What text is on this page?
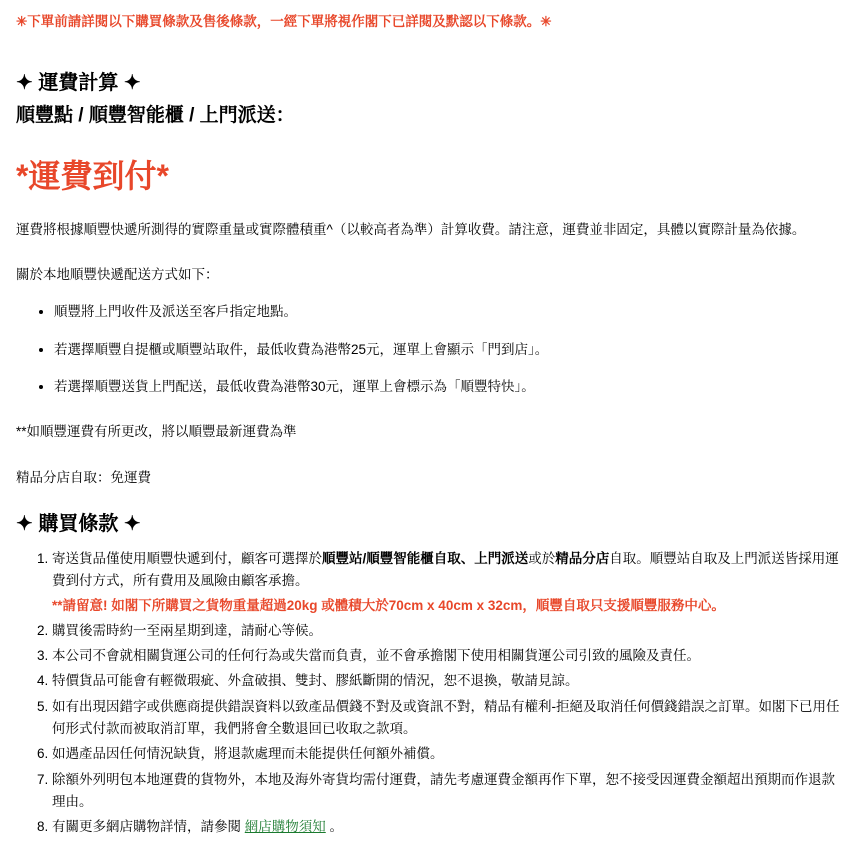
✳下單前請詳閱以下購買條款及售後條款，一經下單將視作閣下已詳閱及默認以下條款。✳

✦ 運費計算 ✦
順豐點 / 順豐智能櫃 / 上門派送：

*運費到付*

運費將根據順豐快遞所測得的實際重量或實際體積重^（以較高者為準）計算收費。請注意，運費並非固定，具體以實際計量為依據。

關於本地順豐快遞配送方式如下：

• 順豐將上門收件及派送至客戶指定地點。
• 若選擇順豐自提櫃或順豐站取件，最低收費為港幣25元，運單上會顯示「門到店」。
• 若選擇順豐送貨上門配送，最低收費為港幣30元，運單上會標示為「順豐特快」。

**如順豐運費有所更改，將以順豐最新運費為準

精品分店自取：免運費

✦ 購買條款 ✦
1. 寄送貨品僅使用順豐快遞到付，顧客可選擇於順豐站/順豐智能櫃自取、上門派送或於精品分店自取。順豐站自取及上門派送皆採用運費到付方式，所有費用及風險由顧客承擔。
**請留意! 如閣下所購買之貨物重量超過20kg 或體積大於70cm x 40cm x 32cm，順豐自取只支援順豐服務中心。
2. 購買後需時約一至兩星期到達，請耐心等候。
3. 本公司不會就相關貨運公司的任何行為或失當而負責，並不會承擔閣下使用相關貨運公司引致的風險及責任。
4. 特價貨品可能會有輕微瑕疵、外盒破損、雙封、膠紙斷開的情況，恕不退換，敬請見諒。
5. 如有出現因錯字或供應商提供錯誤資料以致產品價錢不對及或資訊不對，精品有權利-拒絕及取消任何價錢錯誤之訂單。如閣下已用任何形式付款而被取消訂單，我們將會全數退回已收取之款項。
6. 如遇產品因任何情況缺貨，將退款處理而未能提供任何額外補償。
7. 除額外列明包本地運費的貨物外，本地及海外寄貨均需付運費，請先考慮運費金額再作下單，恕不接受因運費金額超出預期而作退款理由。
8. 有關更多網店購物詳情，請參閱 網店購物須知 。
